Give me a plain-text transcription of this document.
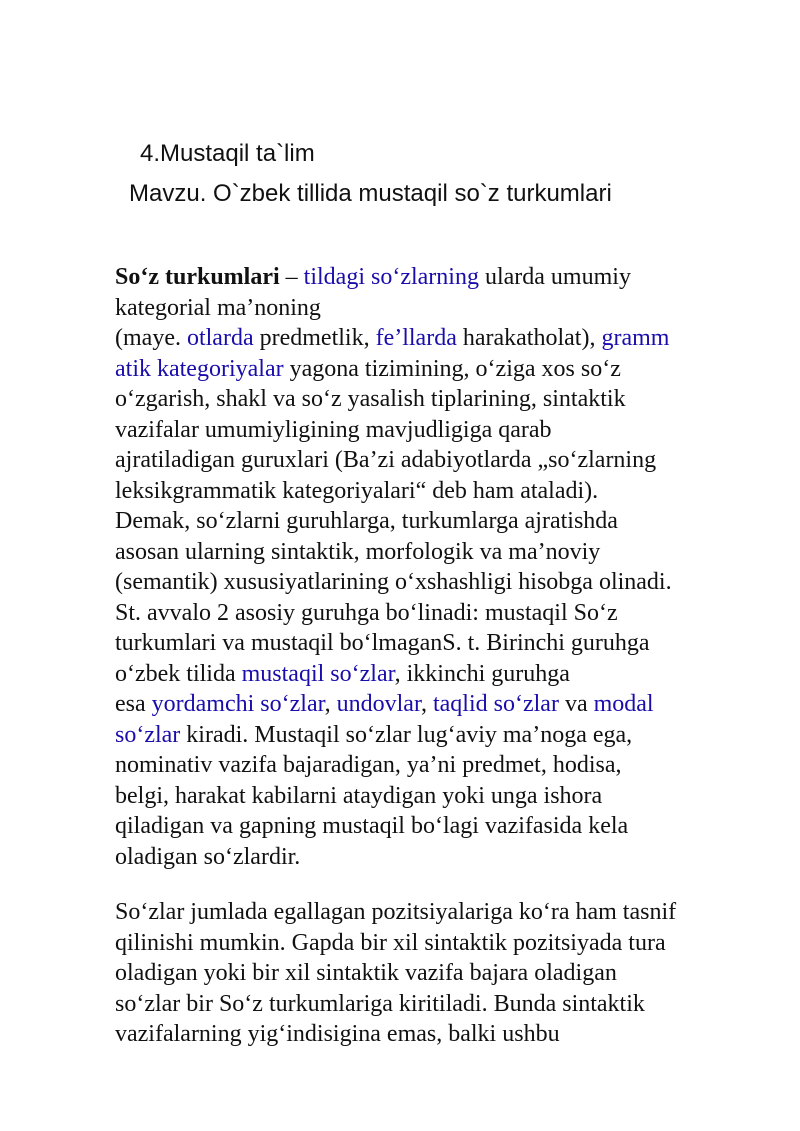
4.Mustaqil ta`lim
Mavzu. O`zbek tillida mustaqil so`z turkumlari
So‘z turkumlari – tildagi so‘zlarning ularda umumiy
kategorial ma’noning
(maye. otlarda predmetlik, fe’llarda harakatholat), gramm
atik kategoriyalar yagona tizimining, o‘ziga xos so‘z
o‘zgarish, shakl va so‘z yasalish tiplarining, sintaktik
vazifalar umumiyligining mavjudligiga qarab
ajratiladigan guruxlari (Ba’zi adabiyotlarda „so‘zlarning
leksikgrammatik kategoriyalari“ deb ham ataladi).
Demak, so‘zlarni guruhlarga, turkumlarga ajratishda
asosan ularning sintaktik, morfologik va ma’noviy
(semantik) xususiyatlarining o‘xshashligi hisobga olinadi.
St. avvalo 2 asosiy guruhga bo‘linadi: mustaqil So‘z
turkumlari va mustaqil bo‘lmaganS. t. Birinchi guruhga
o‘zbek tilida mustaqil so‘zlar, ikkinchi guruhga
esa yordamchi so‘zlar, undovlar, taqlid so‘zlar va modal
so‘zlar kiradi. Mustaqil so‘zlar lug‘aviy ma’noga ega,
nominativ vazifa bajaradigan, ya’ni predmet, hodisa,
belgi, harakat kabilarni ataydigan yoki unga ishora
qiladigan va gapning mustaqil bo‘lagi vazifasida kela
oladigan so‘zlardir.
So‘zlar jumlada egallagan pozitsiyalariga ko‘ra ham tasnif
qilinishi mumkin. Gapda bir xil sintaktik pozitsiyada tura
oladigan yoki bir xil sintaktik vazifa bajara oladigan
so‘zlar bir So‘z turkumlariga kiritiladi. Bunda sintaktik
vazifalarning yig‘indisigina emas, balki ushbu
